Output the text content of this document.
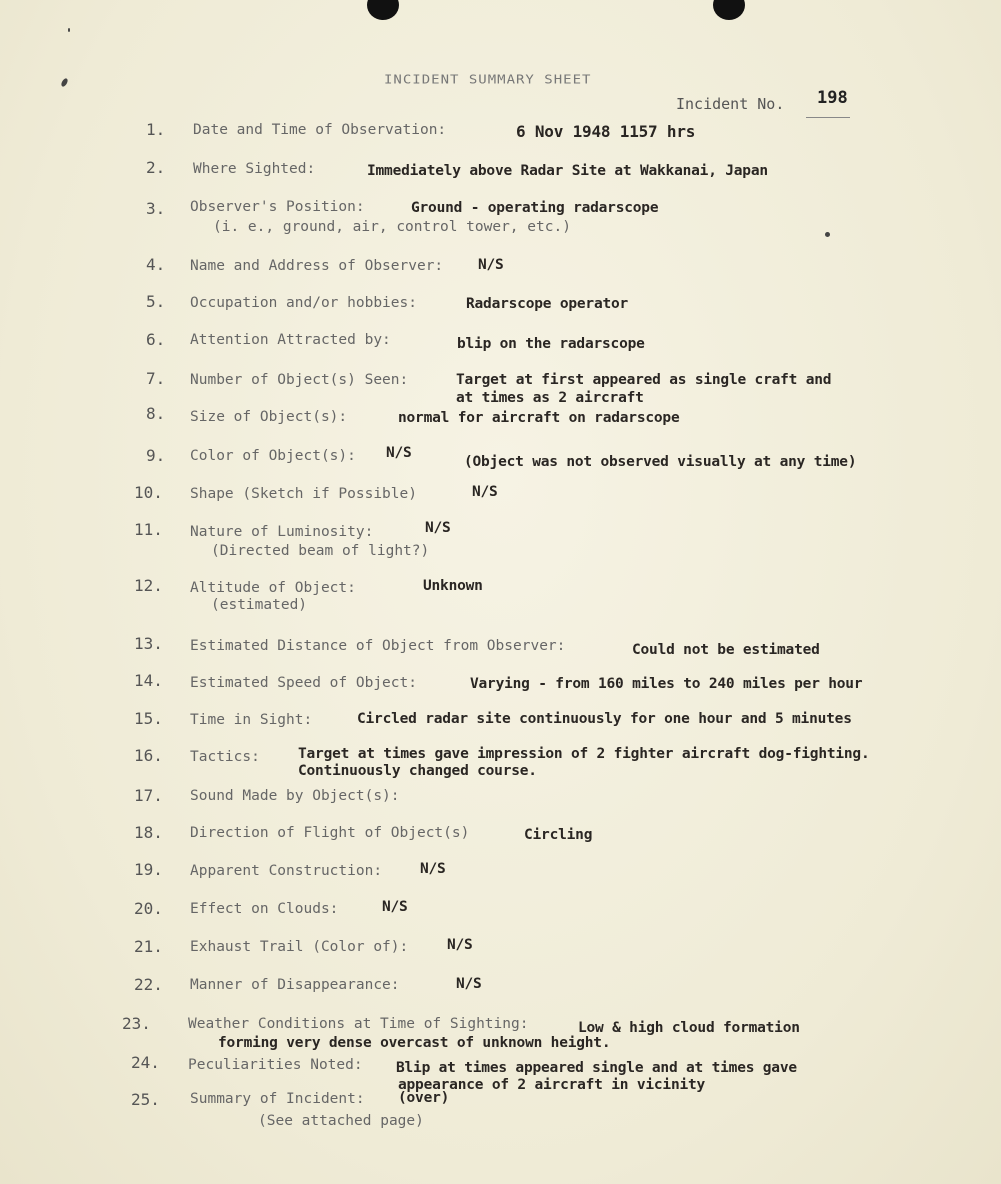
INCIDENT SUMMARY SHEET
Incident No. 198
1. Date and Time of Observation:	6 Nov 1948 1157 hrs
2. Where Sighted:	Immediately above Radar Site at Wakkanai, Japan
3. Observer's Position:
(i. e., ground, air, control tower, etc.)
Ground - operating radarscope
4. Name and Address of Observer: N/S
5. Occupation and/or hobbies:	Radarscope operator
6. Attention Attracted by:	blip on the radarscope
7. Number of Object(s) Seen:	Target at first appeared as single craft and
at times as 2 aircraft
8. Size of Object(s):	normal for aircraft on radarscope
9. Color of Object(s): N/S
(Object was not observed visually at any time)
10. Shape (Sketch if Possible)	N/S
11. Nature of Luminosity:
(Directed beam of light?)
N/S
12. Altitude of Object:
(estimated)
Unknown
13. Estimated Distance of Object from Observer:	Could not be estimated
14. Estimated Speed of Object:	Varying - from 160 miles to 240 miles per hour
15. Time in Sight:	Circled radar site continuously for one hour and 5 minutes
16. Tactics:	Target at times gave impression of 2 fighter aircraft dog-fighting.
Continuously changed course.
17. Sound Made by Object(s):
18. Direction of Flight of Object(s)	Circling
19. Apparent Construction:	N/S
20. Effect on Clouds:	N/S
21. Exhaust Trail (Color of):	N/S
22. Manner of Disappearance:	N/S
23.	Weather Conditions at Time of Sighting:	Low & high cloud formation
forming very dense overcast of unknown height.
24. Peculiarities Noted: Blip at times appeared single and at times gave
appearance of 2 aircraft in vicinity
25. Summary of Incident: (over)
(See attached page)
